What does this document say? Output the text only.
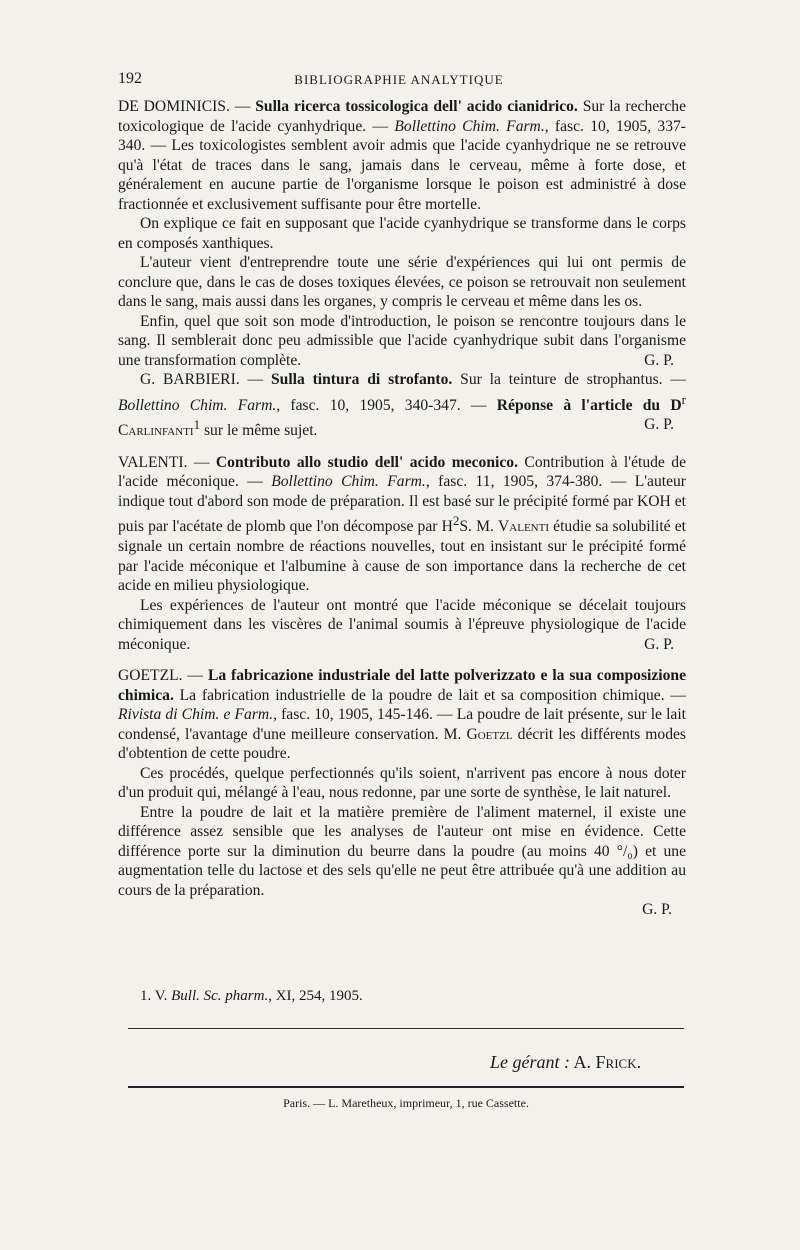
192	BIBLIOGRAPHIE ANALYTIQUE

DE DOMINICIS. — Sulla ricerca tossicologica dell' acido cianidrico. Sur la recherche toxicologique de l'acide cyanhydrique. — Bollettino Chim. Farm., fasc. 10, 1905, 337-340. — Les toxicologistes semblent avoir admis que l'acide cyanhydrique ne se retrouve qu'à l'état de traces dans le sang, jamais dans le cerveau, même à forte dose, et généralement en aucune partie de l'organisme lorsque le poison est administré à dose fractionnée et exclusivement suffisante pour être mortelle.

On explique ce fait en supposant que l'acide cyanhydrique se transforme dans le corps en composés xanthiques.

L'auteur vient d'entreprendre toute une série d'expériences qui lui ont permis de conclure que, dans le cas de doses toxiques élevées, ce poison se retrouvait non seulement dans le sang, mais aussi dans les organes, y compris le cerveau et même dans les os.

Enfin, quel que soit son mode d'introduction, le poison se rencontre toujours dans le sang. Il semblerait donc peu admissible que l'acide cyanhydrique subit dans l'organisme une transformation complète.	G. P.

G. BARBIERI. — Sulla tintura di strofanto. Sur la teinture de strophantus. — Bollettino Chim. Farm., fasc. 10, 1905, 340-347. — Réponse à l'article du $D^r$ Carlinfanti$^1$ sur le même sujet.	G. P.

VALENTI. — Contributo allo studio dell' acido meconico. Contribution à l'étude de l'acide méconique. — Bollettino Chim. Farm., fasc. 11, 1905, 374-380. — L'auteur indique tout d'abord son mode de préparation. Il est basé sur le précipité formé par KOH et puis par l'acétate de plomb que l'on décompose par $H^2S$. M. Valenti étudie sa solubilité et signale un certain nombre de réactions nouvelles, tout en insistant sur le précipité formé par l'acide méconique et l'albumine à cause de son importance dans la recherche de cet acide en milieu physiologique.

Les expériences de l'auteur ont montré que l'acide méconique se décelait toujours chimiquement dans les viscères de l'animal soumis à l'épreuve physiologique de l'acide méconique.	G. P.

GOETZL. — La fabricazione industriale del latte polverizzato e la sua composizione chimica. La fabrication industrielle de la poudre de lait et sa composition chimique. — Rivista di Chim. e Farm., fasc. 10, 1905, 145-146. — La poudre de lait présente, sur le lait condensé, l'avantage d'une meilleure conservation. M. Goetzl décrit les différents modes d'obtention de cette poudre.

Ces procédés, quelque perfectionnés qu'ils soient, n'arrivent pas encore à nous doter d'un produit qui, mélangé à l'eau, nous redonne, par une sorte de synthèse, le lait naturel.

Entre la poudre de lait et la matière première de l'aliment maternel, il existe une différence assez sensible que les analyses de l'auteur ont mise en évidence. Cette différence porte sur la diminution du beurre dans la poudre (au moins 40 °/₀) et une augmentation telle du lactose et des sels qu'elle ne peut être attribuée qu'à une addition au cours de la préparation.

G. P.

1. V. Bull. Sc. pharm., XI, 254, 1905.
Le gérant : A. Frick.
Paris. — L. Maretheux, imprimeur, 1, rue Cassette.
